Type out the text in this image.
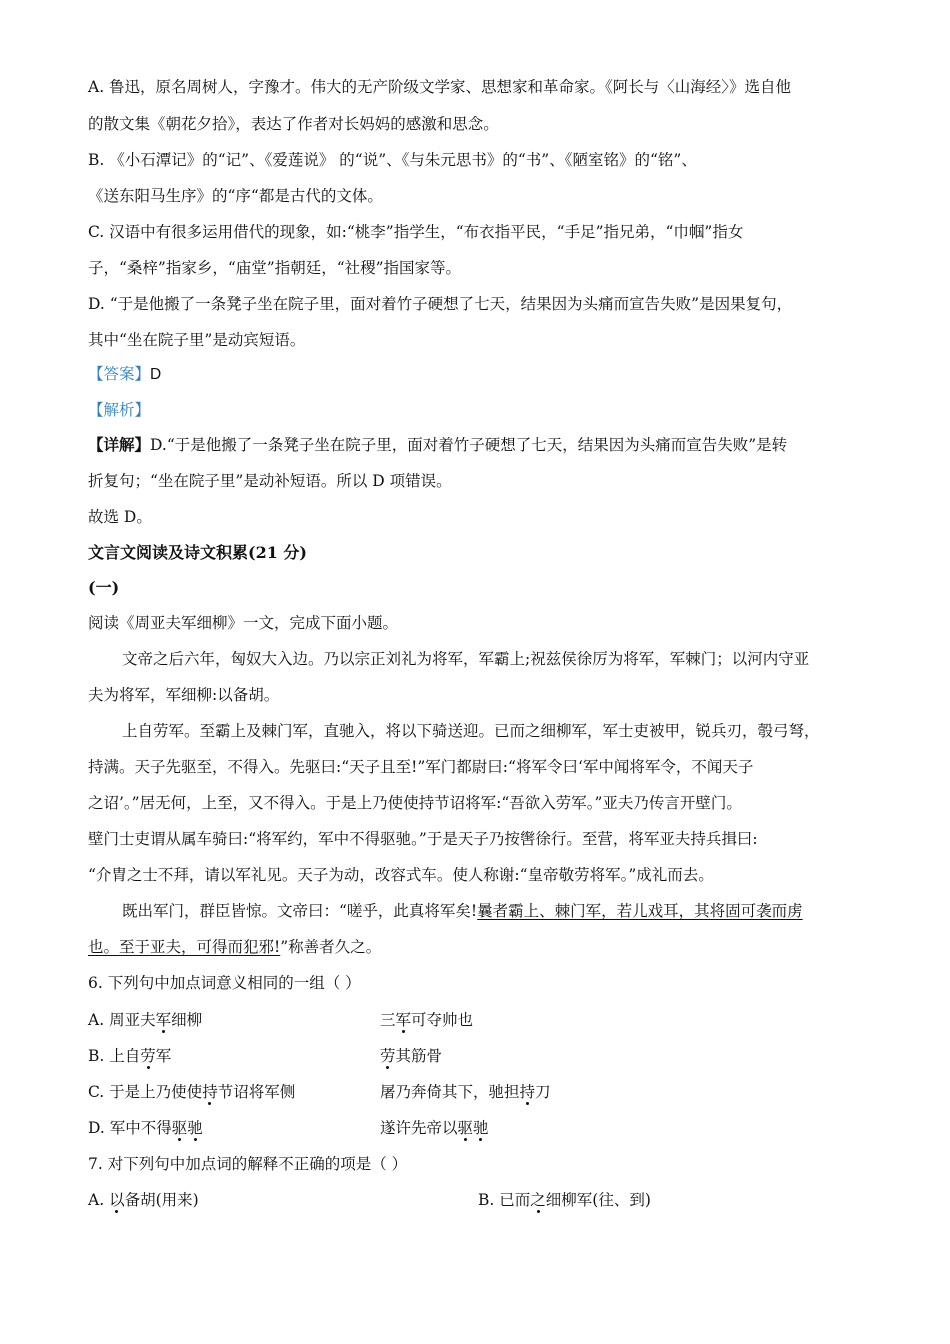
A. 鲁迅，原名周树人，字豫才。伟大的无产阶级文学家、思想家和革命家。《阿长与〈山海经〉》选自他
的散文集《朝花夕拾》，表达了作者对长妈妈的感激和思念。
B. 《小石潭记》的“记”、《爱莲说》 的“说”、《与朱元思书》的“书”、《陋室铭》的“铭”、
《送东阳马生序》的“序“都是古代的文体。
C. 汉语中有很多运用借代的现象，如:“桃李”指学生，“布衣指平民，“手足”指兄弟，“巾帼”指女
子，“桑梓”指家乡，“庙堂”指朝廷，“社稷”指国家等。
D. “于是他搬了一条凳子坐在院子里，面对着竹子硬想了七天，结果因为头痛而宣告失败”是因果复句，
其中“坐在院子里”是动宾短语。
【答案】D
【解析】
【详解】D.“于是他搬了一条凳子坐在院子里，面对着竹子硬想了七天，结果因为头痛而宣告失败”是转
折复句；“坐在院子里”是动补短语。所以 D 项错误。
故选 D。
文言文阅读及诗文积累(21 分)
(一)
阅读《周亚夫军细柳》一文，完成下面小题。
文帝之后六年，匈奴大入边。乃以宗正刘礼为将军，军霸上;祝兹侯徐厉为将军，军棘门；以河内守亚
夫为将军，军细柳:以备胡。
上自劳军。至霸上及棘门军，直驰入，将以下骑送迎。已而之细柳军，军士吏被甲，锐兵刃，彀弓弩，
持满。天子先驱至，不得入。先驱曰:“天子且至!”军门都尉曰:“将军令曰‘军中闻将军令，不闻天子
之诏’。”居无何，上至，又不得入。于是上乃使使持节诏将军:“吾欲入劳军。”亚夫乃传言开壁门。
壁门士吏谓从属车骑曰:“将军约，军中不得驱驰。”于是天子乃按辔徐行。至营，将军亚夫持兵揖曰:
“介胄之士不拜，请以军礼见。天子为动，改容式车。使人称谢:“皇帝敬劳将军。”成礼而去。
既出军门，群臣皆惊。文帝曰：“嗟乎，此真将军矣!曩者霸上、棘门军，若儿戏耳，其将固可袭而虏
也。至于亚夫，可得而犯邪!”称善者久之。
6. 下列句中加点词意义相同的一组（ ）
A. 周亚夫军细柳	三军可夺帅也
B. 上自劳军	劳其筋骨
C. 于是上乃使使持节诏将军侧	屠乃奔倚其下，驰担持刀
D. 军中不得驱驰	遂许先帝以驱驰
7. 对下列句中加点词的解释不正确的项是（ ）
A. 以备胡(用来)	B. 已而之细柳军(往、到)
